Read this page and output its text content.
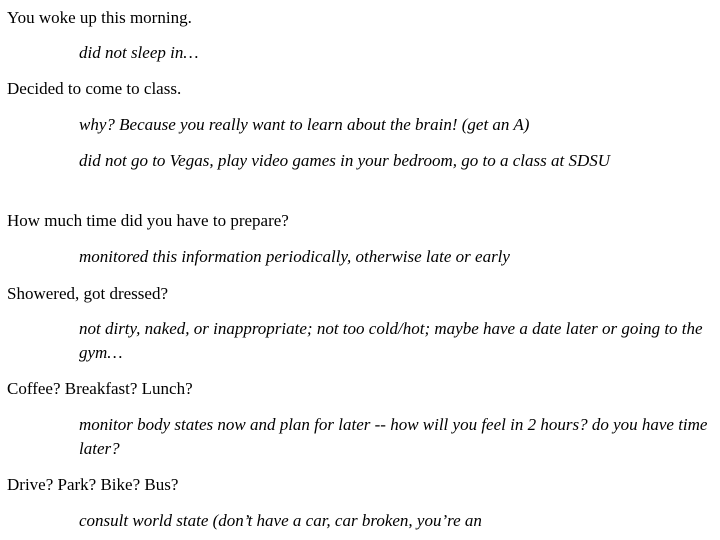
You woke up this morning.
did not sleep in…
Decided to come to class.
why? Because you really want to learn about the brain! (get an A)
did not go to Vegas, play video games in your bedroom, go to a class at SDSU
How much time did you have to prepare?
monitored this information periodically, otherwise late or early
Showered, got dressed?
not dirty, naked, or inappropriate; not too cold/hot; maybe have a date later or going to the gym…
Coffee? Breakfast? Lunch?
monitor body states now and plan for later -- how will you feel in 2 hours? do you have time later?
Drive? Park? Bike? Bus?
consult world state (don’t have a car, car broken, you’re an
